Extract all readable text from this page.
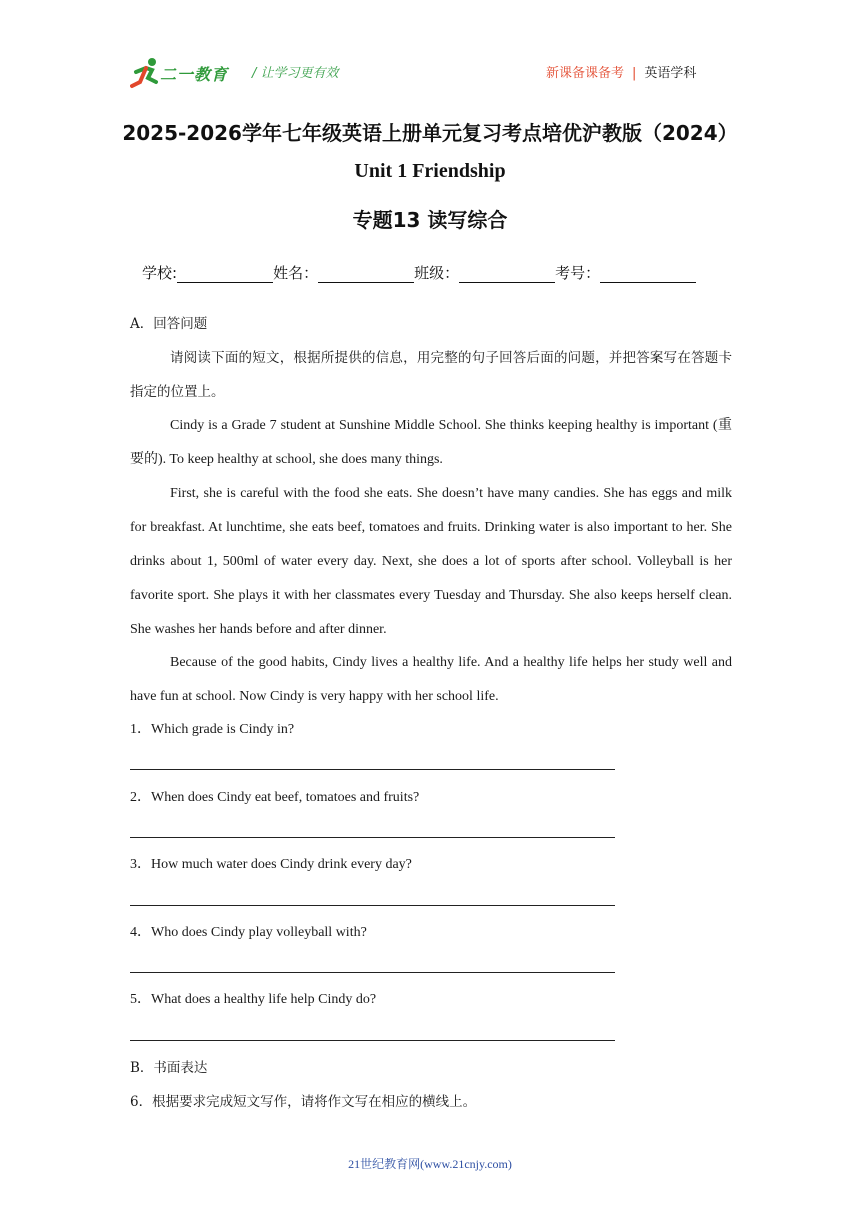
二一教育 / 让学习更有效	新课备课备考 | 英语学科
2025-2026学年七年级英语上册单元复习考点培优沪教版（2024）
Unit 1 Friendship
专题13 读写综合
学校:	姓名：	班级：	考号：
A．回答问题
请阅读下面的短文，根据所提供的信息，用完整的句子回答后面的问题，并把答案写在答题卡指定的位置上。
Cindy is a Grade 7 student at Sunshine Middle School. She thinks keeping healthy is important (重要的). To keep healthy at school, she does many things.
First, she is careful with the food she eats. She doesn’t have many candies. She has eggs and milk for breakfast. At lunchtime, she eats beef, tomatoes and fruits. Drinking water is also important to her. She drinks about 1, 500ml of water every day. Next, she does a lot of sports after school. Volleyball is her favorite sport. She plays it with her classmates every Tuesday and Thursday. She also keeps herself clean. She washes her hands before and after dinner.
Because of the good habits, Cindy lives a healthy life. And a healthy life helps her study well and have fun at school. Now Cindy is very happy with her school life.
1．Which grade is Cindy in?
2．When does Cindy eat beef, tomatoes and fruits?
3．How much water does Cindy drink every day?
4．Who does Cindy play volleyball with?
5．What does a healthy life help Cindy do?
B．书面表达
6．根据要求完成短文写作，请将作文写在相应的横线上。
21世纪教育网(www.21cnjy.com)
